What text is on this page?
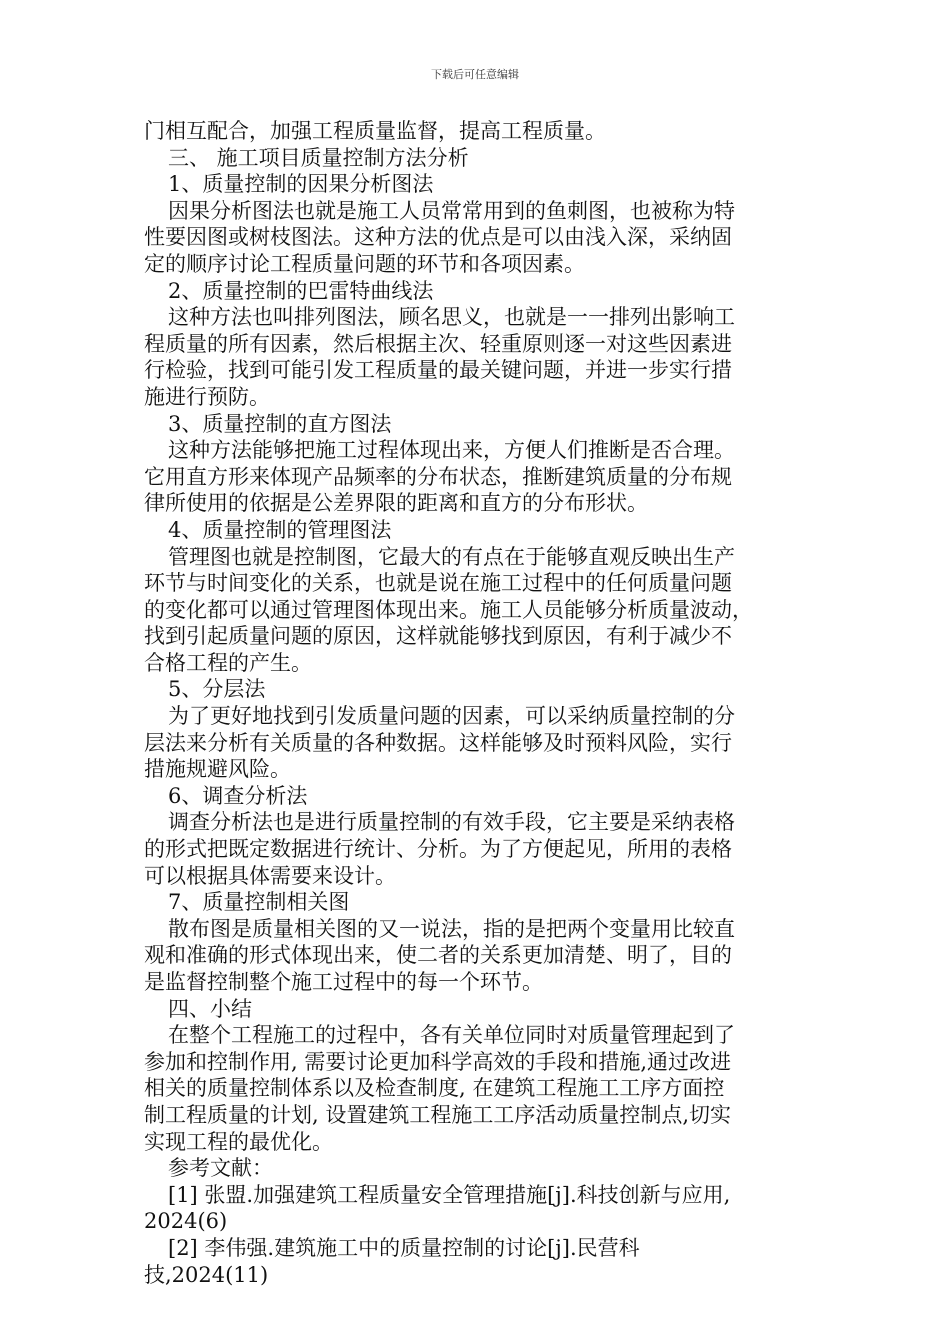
下载后可任意编辑
门相互配合，加强工程质量监督，提高工程质量。
三、 施工项目质量控制方法分析
1、质量控制的因果分析图法
因果分析图法也就是施工人员常常用到的鱼刺图，也被称为特
性要因图或树枝图法。这种方法的优点是可以由浅入深，采纳固
定的顺序讨论工程质量问题的环节和各项因素。
2、质量控制的巴雷特曲线法
这种方法也叫排列图法，顾名思义，也就是一一排列出影响工
程质量的所有因素，然后根据主次、轻重原则逐一对这些因素进
行检验，找到可能引发工程质量的最关键问题，并进一步实行措
施进行预防。
3、质量控制的直方图法
这种方法能够把施工过程体现出来，方便人们推断是否合理。
它用直方形来体现产品频率的分布状态，推断建筑质量的分布规
律所使用的依据是公差界限的距离和直方的分布形状。
4、质量控制的管理图法
管理图也就是控制图，它最大的有点在于能够直观反映出生产
环节与时间变化的关系，也就是说在施工过程中的任何质量问题
的变化都可以通过管理图体现出来。施工人员能够分析质量波动，
找到引起质量问题的原因，这样就能够找到原因，有利于减少不
合格工程的产生。
5、分层法
为了更好地找到引发质量问题的因素，可以采纳质量控制的分
层法来分析有关质量的各种数据。这样能够及时预料风险，实行
措施规避风险。
6、调查分析法
调查分析法也是进行质量控制的有效手段，它主要是采纳表格
的形式把既定数据进行统计、分析。为了方便起见，所用的表格
可以根据具体需要来设计。
7、质量控制相关图
散布图是质量相关图的又一说法，指的是把两个变量用比较直
观和准确的形式体现出来，使二者的关系更加清楚、明了，目的
是监督控制整个施工过程中的每一个环节。
四、小结
在整个工程施工的过程中，各有关单位同时对质量管理起到了
参加和控制作用, 需要讨论更加科学高效的手段和措施,通过改进
相关的质量控制体系以及检查制度, 在建筑工程施工工序方面控
制工程质量的计划, 设置建筑工程施工工序活动质量控制点,切实
实现工程的最优化。
参考文献：
[1] 张盟.加强建筑工程质量安全管理措施[j].科技创新与应用,
2024(6)
[2] 李伟强.建筑施工中的质量控制的讨论[j].民营科
技,2024(11)
